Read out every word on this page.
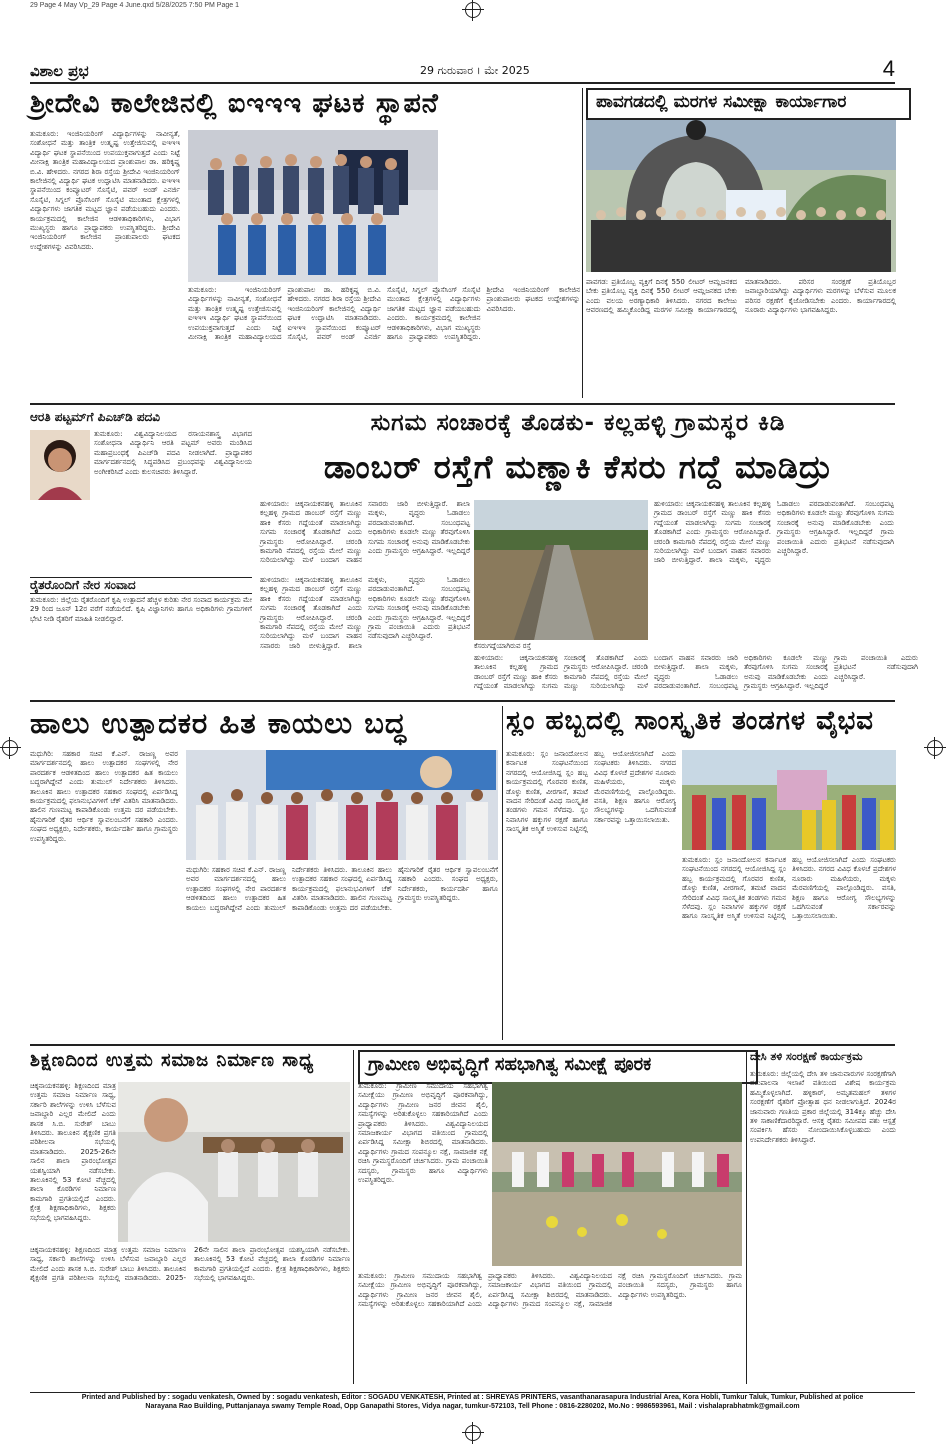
29 Page 4 May Vp_29 Page 4 June.qxd 5/28/2025 7:50 PM Page 1
ವಿಶಾಲ ಪ್ರಭ	29 ಗುರುವಾರ । ಮೇ 2025	4
ಶ್ರೀದೇವಿ ಕಾಲೇಜಿನಲ್ಲಿ ಐಇಇಇ ಘಟಕ ಸ್ಥಾಪನೆ
ತುಮಕೂರು: ಇಂಜಿನಿಯರಿಂಗ್ ವಿದ್ಯಾರ್ಥಿಗಳನ್ನು ನಾವೀನ್ಯತೆ, ಸಂಶೋಧನೆ ಮತ್ತು ತಾಂತ್ರಿಕ ಉತ್ಕೃಷ್ಟ ಉತ್ತೇಜಿಸುವಲ್ಲಿ ಐಇಇಇ ವಿದ್ಯಾರ್ಥಿ ಘಟಕ ಸ್ಥಾಪನೆಯಿಂದ ಉಪಯುಕ್ತವಾಗುತ್ತದೆ ಎಂದು ನಿಟ್ಟೆ ಮೀನಾಕ್ಷಿ ತಾಂತ್ರಿಕ ಮಹಾವಿದ್ಯಾಲಯದ ಪ್ರಾಂಶುಪಾಲ ಡಾ. ಹರಿಕೃಷ್ಣ ಬಿ.ವಿ. ಹೇಳಿದರು. ನಗರದ ಶಿರಾ ರಸ್ತೆಯ ಶ್ರೀದೇವಿ ಇಂಜಿನಿಯರಿಂಗ್ ಕಾಲೇಜಿನಲ್ಲಿ ವಿದ್ಯಾರ್ಥಿ ಘಟಕ ಉದ್ಘಾಟಿಸಿ ಮಾತನಾಡಿದರು. ಐಇಇಇ ಸ್ಥಾಪನೆಯಿಂದ ಕಂಪ್ಯೂಟರ್ ಸೊಸೈಟಿ, ಪವರ್ ಅಂಡ್ ಎನರ್ಜಿ ಸೊಸೈಟಿ, ಸಿಗ್ನಲ್ ಪ್ರೊಸೆಸಿಂಗ್ ಸೊಸೈಟಿ ಮುಂತಾದ ಕ್ಷೇತ್ರಗಳಲ್ಲಿ ವಿದ್ಯಾರ್ಥಿಗಳು ಜಾಗತಿಕ ಮಟ್ಟದ ಜ್ಞಾನ ಪಡೆಯಬಹುದು ಎಂದರು. ಕಾರ್ಯಕ್ರಮದಲ್ಲಿ ಕಾಲೇಜಿನ ಆಡಳಿತಾಧಿಕಾರಿಗಳು, ವಿಭಾಗ ಮುಖ್ಯಸ್ಥರು ಹಾಗೂ ಪ್ರಾಧ್ಯಾಪಕರು ಉಪಸ್ಥಿತರಿದ್ದರು. ಶ್ರೀದೇವಿ ಇಂಜಿನಿಯರಿಂಗ್ ಕಾಲೇಜಿನ ಪ್ರಾಂಶುಪಾಲರು ಘಟಕದ ಉದ್ದೇಶಗಳನ್ನು ವಿವರಿಸಿದರು.
ತುಮಕೂರು: ಇಂಜಿನಿಯರಿಂಗ್ ವಿದ್ಯಾರ್ಥಿಗಳನ್ನು ನಾವೀನ್ಯತೆ, ಸಂಶೋಧನೆ ಮತ್ತು ತಾಂತ್ರಿಕ ಉತ್ಕೃಷ್ಟ ಉತ್ತೇಜಿಸುವಲ್ಲಿ ಐಇಇಇ ವಿದ್ಯಾರ್ಥಿ ಘಟಕ ಸ್ಥಾಪನೆಯಿಂದ ಉಪಯುಕ್ತವಾಗುತ್ತದೆ ಎಂದು ನಿಟ್ಟೆ ಮೀನಾಕ್ಷಿ ತಾಂತ್ರಿಕ ಮಹಾವಿದ್ಯಾಲಯದ ಪ್ರಾಂಶುಪಾಲ ಡಾ. ಹರಿಕೃಷ್ಣ ಬಿ.ವಿ. ಹೇಳಿದರು. ನಗರದ ಶಿರಾ ರಸ್ತೆಯ ಶ್ರೀದೇವಿ ಇಂಜಿನಿಯರಿಂಗ್ ಕಾಲೇಜಿನಲ್ಲಿ ವಿದ್ಯಾರ್ಥಿ ಘಟಕ ಉದ್ಘಾಟಿಸಿ ಮಾತನಾಡಿದರು. ಐಇಇಇ ಸ್ಥಾಪನೆಯಿಂದ ಕಂಪ್ಯೂಟರ್ ಸೊಸೈಟಿ, ಪವರ್ ಅಂಡ್ ಎನರ್ಜಿ ಸೊಸೈಟಿ, ಸಿಗ್ನಲ್ ಪ್ರೊಸೆಸಿಂಗ್ ಸೊಸೈಟಿ ಮುಂತಾದ ಕ್ಷೇತ್ರಗಳಲ್ಲಿ ವಿದ್ಯಾರ್ಥಿಗಳು ಜಾಗತಿಕ ಮಟ್ಟದ ಜ್ಞಾನ ಪಡೆಯಬಹುದು ಎಂದರು. ಕಾರ್ಯಕ್ರಮದಲ್ಲಿ ಕಾಲೇಜಿನ ಆಡಳಿತಾಧಿಕಾರಿಗಳು, ವಿಭಾಗ ಮುಖ್ಯಸ್ಥರು ಹಾಗೂ ಪ್ರಾಧ್ಯಾಪಕರು ಉಪಸ್ಥಿತರಿದ್ದರು. ಶ್ರೀದೇವಿ ಇಂಜಿನಿಯರಿಂಗ್ ಕಾಲೇಜಿನ ಪ್ರಾಂಶುಪಾಲರು ಘಟಕದ ಉದ್ದೇಶಗಳನ್ನು ವಿವರಿಸಿದರು.
ಪಾವಗಡದಲ್ಲಿ ಮರಗಳ ಸಮೀಕ್ಷಾ ಕಾರ್ಯಾಗಾರ
ಪಾವಗಡ: ಪ್ರತಿಯೊಬ್ಬ ವ್ಯಕ್ತಿಗೆ ದಿನಕ್ಕೆ 550 ಲೀಟರ್ ಆಮ್ಲಜನಕದ ಬೇಕು ಪ್ರತಿಯೊಬ್ಬ ವ್ಯಕ್ತಿ ದಿನಕ್ಕೆ 550 ಲೀಟರ್ ಆಮ್ಲಜನಕದ ಬೇಕು ಎಂದು ವಲಯ ಅರಣ್ಯಾಧಿಕಾರಿ ತಿಳಿಸಿದರು. ನಗರದ ಕಾಲೇಜು ಆವರಣದಲ್ಲಿ ಹಮ್ಮಿಕೊಂಡಿದ್ದ ಮರಗಳ ಸಮೀಕ್ಷಾ ಕಾರ್ಯಾಗಾರದಲ್ಲಿ ಮಾತನಾಡಿದರು. ಪರಿಸರ ಸಂರಕ್ಷಣೆ ಪ್ರತಿಯೊಬ್ಬರ ಜವಾಬ್ದಾರಿಯಾಗಿದ್ದು ವಿದ್ಯಾರ್ಥಿಗಳು ಮರಗಳನ್ನು ಬೆಳೆಸುವ ಮೂಲಕ ಪರಿಸರ ರಕ್ಷಣೆಗೆ ಕೈಜೋಡಿಸಬೇಕು ಎಂದರು. ಕಾರ್ಯಾಗಾರದಲ್ಲಿ ನೂರಾರು ವಿದ್ಯಾರ್ಥಿಗಳು ಭಾಗವಹಿಸಿದ್ದರು.
ಆರತಿ ಪಟ್ಟಮ್‌ಗೆ ಪಿಎಚ್‌ಡಿ ಪದವಿ
ತುಮಕೂರು: ವಿಶ್ವವಿದ್ಯಾನಿಲಯದ ರಸಾಯನಶಾಸ್ತ್ರ ವಿಭಾಗದ ಸಂಶೋಧನಾ ವಿದ್ಯಾರ್ಥಿನಿ ಆರತಿ ಪಟ್ಟಮ್ ಅವರು ಮಂಡಿಸಿದ ಮಹಾಪ್ರಬಂಧಕ್ಕೆ ಪಿಎಚ್‌ಡಿ ಪದವಿ ನೀಡಲಾಗಿದೆ. ಪ್ರಾಧ್ಯಾಪಕರ ಮಾರ್ಗದರ್ಶನದಲ್ಲಿ ಸಿದ್ಧಪಡಿಸಿದ ಪ್ರಬಂಧವನ್ನು ವಿಶ್ವವಿದ್ಯಾನಿಲಯ ಅಂಗೀಕರಿಸಿದೆ ಎಂದು ಕುಲಸಚಿವರು ತಿಳಿಸಿದ್ದಾರೆ.
ರೈತರೊಂದಿಗೆ ನೇರ ಸಂವಾದ
ತುಮಕೂರು: ಜಿಲ್ಲೆಯ ರೈತರೊಂದಿಗೆ ಕೃಷಿ ಉತ್ಪಾದನೆ ಹೆಚ್ಚಳ ಕುರಿತು ನೇರ ಸಂವಾದ ಕಾರ್ಯಕ್ರಮ ಮೇ 29 ರಿಂದ ಜೂನ್ 12ರ ವರೆಗೆ ನಡೆಯಲಿದೆ. ಕೃಷಿ ವಿಜ್ಞಾನಿಗಳು ಹಾಗೂ ಅಧಿಕಾರಿಗಳು ಗ್ರಾಮಗಳಿಗೆ ಭೇಟಿ ನೀಡಿ ರೈತರಿಗೆ ಮಾಹಿತಿ ನೀಡಲಿದ್ದಾರೆ.
ಸುಗಮ ಸಂಚಾರಕ್ಕೆ ತೊಡಕು- ಕಲ್ಲಹಳ್ಳಿ ಗ್ರಾಮಸ್ಥರ ಕಿಡಿ
ಡಾಂಬರ್ ರಸ್ತೆಗೆ ಮಣ್ಣಾಕಿ ಕೆಸರು ಗದ್ದೆ ಮಾಡಿದ್ರು
ಹುಳಿಯಾರು: ಚಿಕ್ಕನಾಯಕನಹಳ್ಳಿ ತಾಲೂಕಿನ ಕಲ್ಲಹಳ್ಳಿ ಗ್ರಾಮದ ಡಾಂಬರ್ ರಸ್ತೆಗೆ ಮಣ್ಣು ಹಾಕಿ ಕೆಸರು ಗದ್ದೆಯಂತೆ ಮಾಡಲಾಗಿದ್ದು ಸುಗಮ ಸಂಚಾರಕ್ಕೆ ತೊಡಕಾಗಿದೆ ಎಂದು ಗ್ರಾಮಸ್ಥರು ಆರೋಪಿಸಿದ್ದಾರೆ. ಚರಂಡಿ ಕಾಮಗಾರಿ ನೆಪದಲ್ಲಿ ರಸ್ತೆಯ ಮೇಲೆ ಮಣ್ಣು ಸುರಿಯಲಾಗಿದ್ದು ಮಳೆ ಬಂದಾಗ ವಾಹನ ಸವಾರರು ಜಾರಿ ಬೀಳುತ್ತಿದ್ದಾರೆ. ಶಾಲಾ ಮಕ್ಕಳು, ವೃದ್ಧರು ಓಡಾಡಲು ಪರದಾಡುವಂತಾಗಿದೆ. ಸಂಬಂಧಪಟ್ಟ ಅಧಿಕಾರಿಗಳು ಕೂಡಲೇ ಮಣ್ಣು ತೆರವುಗೊಳಿಸಿ ಸುಗಮ ಸಂಚಾರಕ್ಕೆ ಅನುವು ಮಾಡಿಕೊಡಬೇಕು ಎಂದು ಗ್ರಾಮಸ್ಥರು ಆಗ್ರಹಿಸಿದ್ದಾರೆ. ಇಲ್ಲದಿದ್ದರೆ
ಕೆಸರುಗದ್ದೆಯಾಗಿರುವ ರಸ್ತೆ
ಹುಳಿಯಾರು: ಚಿಕ್ಕನಾಯಕನಹಳ್ಳಿ ತಾಲೂಕಿನ ಕಲ್ಲಹಳ್ಳಿ ಗ್ರಾಮದ ಡಾಂಬರ್ ರಸ್ತೆಗೆ ಮಣ್ಣು ಹಾಕಿ ಕೆಸರು ಗದ್ದೆಯಂತೆ ಮಾಡಲಾಗಿದ್ದು ಸುಗಮ ಸಂಚಾರಕ್ಕೆ ತೊಡಕಾಗಿದೆ ಎಂದು ಗ್ರಾಮಸ್ಥರು ಆರೋಪಿಸಿದ್ದಾರೆ. ಚರಂಡಿ ಕಾಮಗಾರಿ ನೆಪದಲ್ಲಿ ರಸ್ತೆಯ ಮೇಲೆ ಮಣ್ಣು ಸುರಿಯಲಾಗಿದ್ದು ಮಳೆ ಬಂದಾಗ ವಾಹನ ಸವಾರರು ಜಾರಿ ಬೀಳುತ್ತಿದ್ದಾರೆ. ಶಾಲಾ ಮಕ್ಕಳು, ವೃದ್ಧರು ಓಡಾಡಲು ಪರದಾಡುವಂತಾಗಿದೆ. ಸಂಬಂಧಪಟ್ಟ ಅಧಿಕಾರಿಗಳು ಕೂಡಲೇ ಮಣ್ಣು ತೆರವುಗೊಳಿಸಿ ಸುಗಮ ಸಂಚಾರಕ್ಕೆ ಅನುವು ಮಾಡಿಕೊಡಬೇಕು ಎಂದು ಗ್ರಾಮಸ್ಥರು ಆಗ್ರಹಿಸಿದ್ದಾರೆ. ಇಲ್ಲದಿದ್ದರೆ ಗ್ರಾಮ ಪಂಚಾಯಿತಿ ಎದುರು ಪ್ರತಿಭಟನೆ ನಡೆಸುವುದಾಗಿ ಎಚ್ಚರಿಸಿದ್ದಾರೆ.
ಹುಳಿಯಾರು: ಚಿಕ್ಕನಾಯಕನಹಳ್ಳಿ ತಾಲೂಕಿನ ಕಲ್ಲಹಳ್ಳಿ ಗ್ರಾಮದ ಡಾಂಬರ್ ರಸ್ತೆಗೆ ಮಣ್ಣು ಹಾಕಿ ಕೆಸರು ಗದ್ದೆಯಂತೆ ಮಾಡಲಾಗಿದ್ದು ಸುಗಮ ಸಂಚಾರಕ್ಕೆ ತೊಡಕಾಗಿದೆ ಎಂದು ಗ್ರಾಮಸ್ಥರು ಆರೋಪಿಸಿದ್ದಾರೆ. ಚರಂಡಿ ಕಾಮಗಾರಿ ನೆಪದಲ್ಲಿ ರಸ್ತೆಯ ಮೇಲೆ ಮಣ್ಣು ಸುರಿಯಲಾಗಿದ್ದು ಮಳೆ ಬಂದಾಗ ವಾಹನ ಸವಾರರು ಜಾರಿ ಬೀಳುತ್ತಿದ್ದಾರೆ. ಶಾಲಾ ಮಕ್ಕಳು, ವೃದ್ಧರು ಓಡಾಡಲು ಪರದಾಡುವಂತಾಗಿದೆ. ಸಂಬಂಧಪಟ್ಟ ಅಧಿಕಾರಿಗಳು ಕೂಡಲೇ ಮಣ್ಣು ತೆರವುಗೊಳಿಸಿ ಸುಗಮ ಸಂಚಾರಕ್ಕೆ ಅನುವು ಮಾಡಿಕೊಡಬೇಕು ಎಂದು ಗ್ರಾಮಸ್ಥರು ಆಗ್ರಹಿಸಿದ್ದಾರೆ. ಇಲ್ಲದಿದ್ದರೆ ಗ್ರಾಮ ಪಂಚಾಯಿತಿ ಎದುರು ಪ್ರತಿಭಟನೆ ನಡೆಸುವುದಾಗಿ ಎಚ್ಚರಿಸಿದ್ದಾರೆ.
ಹುಳಿಯಾರು: ಚಿಕ್ಕನಾಯಕನಹಳ್ಳಿ ತಾಲೂಕಿನ ಕಲ್ಲಹಳ್ಳಿ ಗ್ರಾಮದ ಡಾಂಬರ್ ರಸ್ತೆಗೆ ಮಣ್ಣು ಹಾಕಿ ಕೆಸರು ಗದ್ದೆಯಂತೆ ಮಾಡಲಾಗಿದ್ದು ಸುಗಮ ಸಂಚಾರಕ್ಕೆ ತೊಡಕಾಗಿದೆ ಎಂದು ಗ್ರಾಮಸ್ಥರು ಆರೋಪಿಸಿದ್ದಾರೆ. ಚರಂಡಿ ಕಾಮಗಾರಿ ನೆಪದಲ್ಲಿ ರಸ್ತೆಯ ಮೇಲೆ ಮಣ್ಣು ಸುರಿಯಲಾಗಿದ್ದು ಮಳೆ ಬಂದಾಗ ವಾಹನ ಸವಾರರು ಜಾರಿ ಬೀಳುತ್ತಿದ್ದಾರೆ. ಶಾಲಾ ಮಕ್ಕಳು, ವೃದ್ಧರು ಓಡಾಡಲು ಪರದಾಡುವಂತಾಗಿದೆ. ಸಂಬಂಧಪಟ್ಟ ಅಧಿಕಾರಿಗಳು ಕೂಡಲೇ ಮಣ್ಣು ತೆರವುಗೊಳಿಸಿ ಸುಗಮ ಸಂಚಾರಕ್ಕೆ ಅನುವು ಮಾಡಿಕೊಡಬೇಕು ಎಂದು ಗ್ರಾಮಸ್ಥರು ಆಗ್ರಹಿಸಿದ್ದಾರೆ. ಇಲ್ಲದಿದ್ದರೆ ಗ್ರಾಮ ಪಂಚಾಯಿತಿ ಎದುರು ಪ್ರತಿಭಟನೆ ನಡೆಸುವುದಾಗಿ ಎಚ್ಚರಿಸಿದ್ದಾರೆ.
ಹಾಲು ಉತ್ಪಾದಕರ ಹಿತ ಕಾಯಲು ಬದ್ಧ
ಮಧುಗಿರಿ: ಸಹಕಾರ ಸಚಿವ ಕೆ.ಎನ್. ರಾಜಣ್ಣ ಅವರ ಮಾರ್ಗದರ್ಶನದಲ್ಲಿ ಹಾಲು ಉತ್ಪಾದಕರ ಸಂಘಗಳಲ್ಲಿ ನೇರ ಪಾರದರ್ಶಕ ಆಡಳಿತದಿಂದ ಹಾಲು ಉತ್ಪಾದಕರ ಹಿತ ಕಾಯಲು ಬದ್ಧರಾಗಿದ್ದೇವೆ ಎಂದು ತುಮುಲ್ ನಿರ್ದೇಶಕರು ತಿಳಿಸಿದರು. ತಾಲೂಕಿನ ಹಾಲು ಉತ್ಪಾದಕರ ಸಹಕಾರ ಸಂಘದಲ್ಲಿ ಏರ್ಪಡಿಸಿದ್ದ ಕಾರ್ಯಕ್ರಮದಲ್ಲಿ ಫಲಾನುಭವಿಗಳಿಗೆ ಚೆಕ್ ವಿತರಿಸಿ ಮಾತನಾಡಿದರು. ಹಾಲಿನ ಗುಣಮಟ್ಟ ಕಾಪಾಡಿಕೊಂಡು ಉತ್ತಮ ದರ ಪಡೆಯಬೇಕು. ಹೈನುಗಾರಿಕೆ ರೈತರ ಆರ್ಥಿಕ ಸ್ವಾವಲಂಬನೆಗೆ ಸಹಕಾರಿ ಎಂದರು. ಸಂಘದ ಅಧ್ಯಕ್ಷರು, ನಿರ್ದೇಶಕರು, ಕಾರ್ಯದರ್ಶಿ ಹಾಗೂ ಗ್ರಾಮಸ್ಥರು ಉಪಸ್ಥಿತರಿದ್ದರು.
ಮಧುಗಿರಿ: ಸಹಕಾರ ಸಚಿವ ಕೆ.ಎನ್. ರಾಜಣ್ಣ ಅವರ ಮಾರ್ಗದರ್ಶನದಲ್ಲಿ ಹಾಲು ಉತ್ಪಾದಕರ ಸಂಘಗಳಲ್ಲಿ ನೇರ ಪಾರದರ್ಶಕ ಆಡಳಿತದಿಂದ ಹಾಲು ಉತ್ಪಾದಕರ ಹಿತ ಕಾಯಲು ಬದ್ಧರಾಗಿದ್ದೇವೆ ಎಂದು ತುಮುಲ್ ನಿರ್ದೇಶಕರು ತಿಳಿಸಿದರು. ತಾಲೂಕಿನ ಹಾಲು ಉತ್ಪಾದಕರ ಸಹಕಾರ ಸಂಘದಲ್ಲಿ ಏರ್ಪಡಿಸಿದ್ದ ಕಾರ್ಯಕ್ರಮದಲ್ಲಿ ಫಲಾನುಭವಿಗಳಿಗೆ ಚೆಕ್ ವಿತರಿಸಿ ಮಾತನಾಡಿದರು. ಹಾಲಿನ ಗುಣಮಟ್ಟ ಕಾಪಾಡಿಕೊಂಡು ಉತ್ತಮ ದರ ಪಡೆಯಬೇಕು. ಹೈನುಗಾರಿಕೆ ರೈತರ ಆರ್ಥಿಕ ಸ್ವಾವಲಂಬನೆಗೆ ಸಹಕಾರಿ ಎಂದರು. ಸಂಘದ ಅಧ್ಯಕ್ಷರು, ನಿರ್ದೇಶಕರು, ಕಾರ್ಯದರ್ಶಿ ಹಾಗೂ ಗ್ರಾಮಸ್ಥರು ಉಪಸ್ಥಿತರಿದ್ದರು.
ಸ್ಲಂ ಹಬ್ಬದಲ್ಲಿ ಸಾಂಸ್ಕೃತಿಕ ತಂಡಗಳ ವೈಭವ
ತುಮಕೂರು: ಸ್ಲಂ ಜನಾಂದೋಲನ ಕರ್ನಾಟಕ ಸಂಘಟನೆಯಿಂದ ನಗರದಲ್ಲಿ ಆಯೋಜಿಸಿದ್ದ ಸ್ಲಂ ಹಬ್ಬ ಕಾರ್ಯಕ್ರಮದಲ್ಲಿ ಗೊರವರ ಕುಣಿತ, ಡೊಳ್ಳು ಕುಣಿತ, ವೀರಗಾಸೆ, ತಮಟೆ ವಾದನ ಸೇರಿದಂತೆ ವಿವಿಧ ಸಾಂಸ್ಕೃತಿಕ ತಂಡಗಳು ಗಮನ ಸೆಳೆದವು. ಸ್ಲಂ ನಿವಾಸಿಗಳ ಹಕ್ಕುಗಳ ರಕ್ಷಣೆ ಹಾಗೂ ಸಾಂಸ್ಕೃತಿಕ ಅಸ್ಮಿತೆ ಉಳಿಸುವ ನಿಟ್ಟಿನಲ್ಲಿ ಹಬ್ಬ ಆಯೋಜಿಸಲಾಗಿದೆ ಎಂದು ಸಂಘಟಕರು ತಿಳಿಸಿದರು. ನಗರದ ವಿವಿಧ ಕೊಳಚೆ ಪ್ರದೇಶಗಳ ನೂರಾರು ಮಹಿಳೆಯರು, ಮಕ್ಕಳು ಮೆರವಣಿಗೆಯಲ್ಲಿ ಪಾಲ್ಗೊಂಡಿದ್ದರು. ವಸತಿ, ಶಿಕ್ಷಣ ಹಾಗೂ ಆರೋಗ್ಯ ಸೌಲಭ್ಯಗಳನ್ನು ಒದಗಿಸುವಂತೆ ಸರ್ಕಾರವನ್ನು ಒತ್ತಾಯಿಸಲಾಯಿತು.
ತುಮಕೂರು: ಸ್ಲಂ ಜನಾಂದೋಲನ ಕರ್ನಾಟಕ ಸಂಘಟನೆಯಿಂದ ನಗರದಲ್ಲಿ ಆಯೋಜಿಸಿದ್ದ ಸ್ಲಂ ಹಬ್ಬ ಕಾರ್ಯಕ್ರಮದಲ್ಲಿ ಗೊರವರ ಕುಣಿತ, ಡೊಳ್ಳು ಕುಣಿತ, ವೀರಗಾಸೆ, ತಮಟೆ ವಾದನ ಸೇರಿದಂತೆ ವಿವಿಧ ಸಾಂಸ್ಕೃತಿಕ ತಂಡಗಳು ಗಮನ ಸೆಳೆದವು. ಸ್ಲಂ ನಿವಾಸಿಗಳ ಹಕ್ಕುಗಳ ರಕ್ಷಣೆ ಹಾಗೂ ಸಾಂಸ್ಕೃತಿಕ ಅಸ್ಮಿತೆ ಉಳಿಸುವ ನಿಟ್ಟಿನಲ್ಲಿ ಹಬ್ಬ ಆಯೋಜಿಸಲಾಗಿದೆ ಎಂದು ಸಂಘಟಕರು ತಿಳಿಸಿದರು. ನಗರದ ವಿವಿಧ ಕೊಳಚೆ ಪ್ರದೇಶಗಳ ನೂರಾರು ಮಹಿಳೆಯರು, ಮಕ್ಕಳು ಮೆರವಣಿಗೆಯಲ್ಲಿ ಪಾಲ್ಗೊಂಡಿದ್ದರು. ವಸತಿ, ಶಿಕ್ಷಣ ಹಾಗೂ ಆರೋಗ್ಯ ಸೌಲಭ್ಯಗಳನ್ನು ಒದಗಿಸುವಂತೆ ಸರ್ಕಾರವನ್ನು ಒತ್ತಾಯಿಸಲಾಯಿತು.
ಶಿಕ್ಷಣದಿಂದ ಉತ್ತಮ ಸಮಾಜ ನಿರ್ಮಾಣ ಸಾಧ್ಯ
ಚಿಕ್ಕನಾಯಕನಹಳ್ಳಿ: ಶಿಕ್ಷಣದಿಂದ ಮಾತ್ರ ಉತ್ತಮ ಸಮಾಜ ನಿರ್ಮಾಣ ಸಾಧ್ಯ, ಸರ್ಕಾರಿ ಶಾಲೆಗಳನ್ನು ಉಳಿಸಿ ಬೆಳೆಸುವ ಜವಾಬ್ದಾರಿ ಎಲ್ಲರ ಮೇಲಿದೆ ಎಂದು ಶಾಸಕ ಸಿ.ಬಿ. ಸುರೇಶ್ ಬಾಬು ತಿಳಿಸಿದರು. ತಾಲೂಕಿನ ಶೈಕ್ಷಣಿಕ ಪ್ರಗತಿ ಪರಿಶೀಲನಾ ಸಭೆಯಲ್ಲಿ ಮಾತನಾಡಿದರು. 2025-26ನೇ ಸಾಲಿನ ಶಾಲಾ ಪ್ರಾರಂಭೋತ್ಸವ ಯಶಸ್ವಿಯಾಗಿ ನಡೆಸಬೇಕು. ತಾಲೂಕಿನಲ್ಲಿ 53 ಕೋಟಿ ವೆಚ್ಚದಲ್ಲಿ ಶಾಲಾ ಕೊಠಡಿಗಳ ನಿರ್ಮಾಣ ಕಾಮಗಾರಿ ಪ್ರಗತಿಯಲ್ಲಿದೆ ಎಂದರು. ಕ್ಷೇತ್ರ ಶಿಕ್ಷಣಾಧಿಕಾರಿಗಳು, ಶಿಕ್ಷಕರು ಸಭೆಯಲ್ಲಿ ಭಾಗವಹಿಸಿದ್ದರು.
ಚಿಕ್ಕನಾಯಕನಹಳ್ಳಿ: ಶಿಕ್ಷಣದಿಂದ ಮಾತ್ರ ಉತ್ತಮ ಸಮಾಜ ನಿರ್ಮಾಣ ಸಾಧ್ಯ, ಸರ್ಕಾರಿ ಶಾಲೆಗಳನ್ನು ಉಳಿಸಿ ಬೆಳೆಸುವ ಜವಾಬ್ದಾರಿ ಎಲ್ಲರ ಮೇಲಿದೆ ಎಂದು ಶಾಸಕ ಸಿ.ಬಿ. ಸುರೇಶ್ ಬಾಬು ತಿಳಿಸಿದರು. ತಾಲೂಕಿನ ಶೈಕ್ಷಣಿಕ ಪ್ರಗತಿ ಪರಿಶೀಲನಾ ಸಭೆಯಲ್ಲಿ ಮಾತನಾಡಿದರು. 2025-26ನೇ ಸಾಲಿನ ಶಾಲಾ ಪ್ರಾರಂಭೋತ್ಸವ ಯಶಸ್ವಿಯಾಗಿ ನಡೆಸಬೇಕು. ತಾಲೂಕಿನಲ್ಲಿ 53 ಕೋಟಿ ವೆಚ್ಚದಲ್ಲಿ ಶಾಲಾ ಕೊಠಡಿಗಳ ನಿರ್ಮಾಣ ಕಾಮಗಾರಿ ಪ್ರಗತಿಯಲ್ಲಿದೆ ಎಂದರು. ಕ್ಷೇತ್ರ ಶಿಕ್ಷಣಾಧಿಕಾರಿಗಳು, ಶಿಕ್ಷಕರು ಸಭೆಯಲ್ಲಿ ಭಾಗವಹಿಸಿದ್ದರು.
ಗ್ರಾಮೀಣ ಅಭಿವೃದ್ಧಿಗೆ ಸಹಭಾಗಿತ್ವ ಸಮೀಕ್ಷೆ ಪೂರಕ
ತುಮಕೂರು: ಗ್ರಾಮೀಣ ಸಮುದಾಯ ಸಹಭಾಗಿತ್ವ ಸಮೀಕ್ಷೆಯು ಗ್ರಾಮೀಣ ಅಭಿವೃದ್ಧಿಗೆ ಪೂರಕವಾಗಿದ್ದು, ವಿದ್ಯಾರ್ಥಿಗಳು ಗ್ರಾಮೀಣ ಜನರ ಜೀವನ ಶೈಲಿ, ಸಮಸ್ಯೆಗಳನ್ನು ಅರಿತುಕೊಳ್ಳಲು ಸಹಕಾರಿಯಾಗಿದೆ ಎಂದು ಪ್ರಾಧ್ಯಾಪಕರು ತಿಳಿಸಿದರು. ವಿಶ್ವವಿದ್ಯಾನಿಲಯದ ಸಮಾಜಕಾರ್ಯ ವಿಭಾಗದ ವತಿಯಿಂದ ಗ್ರಾಮದಲ್ಲಿ ಏರ್ಪಡಿಸಿದ್ದ ಸಮೀಕ್ಷಾ ಶಿಬಿರದಲ್ಲಿ ಮಾತನಾಡಿದರು. ವಿದ್ಯಾರ್ಥಿಗಳು ಗ್ರಾಮದ ಸಂಪನ್ಮೂಲ ನಕ್ಷೆ, ಸಾಮಾಜಿಕ ನಕ್ಷೆ ರಚಿಸಿ ಗ್ರಾಮಸ್ಥರೊಂದಿಗೆ ಚರ್ಚಿಸಿದರು. ಗ್ರಾಮ ಪಂಚಾಯಿತಿ ಸದಸ್ಯರು, ಗ್ರಾಮಸ್ಥರು ಹಾಗೂ ವಿದ್ಯಾರ್ಥಿಗಳು ಉಪಸ್ಥಿತರಿದ್ದರು.
ತುಮಕೂರು: ಗ್ರಾಮೀಣ ಸಮುದಾಯ ಸಹಭಾಗಿತ್ವ ಸಮೀಕ್ಷೆಯು ಗ್ರಾಮೀಣ ಅಭಿವೃದ್ಧಿಗೆ ಪೂರಕವಾಗಿದ್ದು, ವಿದ್ಯಾರ್ಥಿಗಳು ಗ್ರಾಮೀಣ ಜನರ ಜೀವನ ಶೈಲಿ, ಸಮಸ್ಯೆಗಳನ್ನು ಅರಿತುಕೊಳ್ಳಲು ಸಹಕಾರಿಯಾಗಿದೆ ಎಂದು ಪ್ರಾಧ್ಯಾಪಕರು ತಿಳಿಸಿದರು. ವಿಶ್ವವಿದ್ಯಾನಿಲಯದ ಸಮಾಜಕಾರ್ಯ ವಿಭಾಗದ ವತಿಯಿಂದ ಗ್ರಾಮದಲ್ಲಿ ಏರ್ಪಡಿಸಿದ್ದ ಸಮೀಕ್ಷಾ ಶಿಬಿರದಲ್ಲಿ ಮಾತನಾಡಿದರು. ವಿದ್ಯಾರ್ಥಿಗಳು ಗ್ರಾಮದ ಸಂಪನ್ಮೂಲ ನಕ್ಷೆ, ಸಾಮಾಜಿಕ ನಕ್ಷೆ ರಚಿಸಿ ಗ್ರಾಮಸ್ಥರೊಂದಿಗೆ ಚರ್ಚಿಸಿದರು. ಗ್ರಾಮ ಪಂಚಾಯಿತಿ ಸದಸ್ಯರು, ಗ್ರಾಮಸ್ಥರು ಹಾಗೂ ವಿದ್ಯಾರ್ಥಿಗಳು ಉಪಸ್ಥಿತರಿದ್ದರು.
ದೇಸಿ ತಳಿ ಸಂರಕ್ಷಣೆ ಕಾರ್ಯಕ್ರಮ
ತುಮಕೂರು: ಜಿಲ್ಲೆಯಲ್ಲಿ ದೇಸಿ ತಳಿ ಜಾನುವಾರುಗಳ ಸಂರಕ್ಷಣೆಗಾಗಿ ಪಶುಪಾಲನಾ ಇಲಾಖೆ ವತಿಯಿಂದ ವಿಶೇಷ ಕಾರ್ಯಕ್ರಮ ಹಮ್ಮಿಕೊಳ್ಳಲಾಗಿದೆ. ಹಳ್ಳಿಕಾರ್, ಅಮೃತಮಹಲ್ ತಳಿಗಳ ಸಂರಕ್ಷಣೆಗೆ ರೈತರಿಗೆ ಪ್ರೋತ್ಸಾಹ ಧನ ನೀಡಲಾಗುತ್ತಿದೆ. 2024ರ ಜಾನುವಾರು ಗಣತಿಯ ಪ್ರಕಾರ ಜಿಲ್ಲೆಯಲ್ಲಿ 314ಕ್ಕೂ ಹೆಚ್ಚು ದೇಸಿ ತಳಿ ಸಾಕಾಣಿಕೆದಾರರಿದ್ದಾರೆ. ಆಸಕ್ತ ರೈತರು ಸಮೀಪದ ಪಶು ಆಸ್ಪತ್ರೆ ಸಂಪರ್ಕಿಸಿ ಹೆಸರು ನೋಂದಾಯಿಸಿಕೊಳ್ಳಬಹುದು ಎಂದು ಉಪನಿರ್ದೇಶಕರು ತಿಳಿಸಿದ್ದಾರೆ.
Printed and Published by : sogadu venkatesh, Owned by : sogadu venkatesh, Editor : SOGADU VENKATESH, Printed at : SHREYAS PRINTERS, vasanthanarasapura Industrial Area, Kora Hobli, Tumkur Taluk, Tumkur, Published at police
Narayana Rao Building, Puttanjanaya swamy Temple Road, Opp Ganapathi Stores, Vidya nagar, tumkur-572103, Tell Phone : 0816-2280202, Mo.No : 9986593961, Mail : vishalaprabhatmk@gmail.com
